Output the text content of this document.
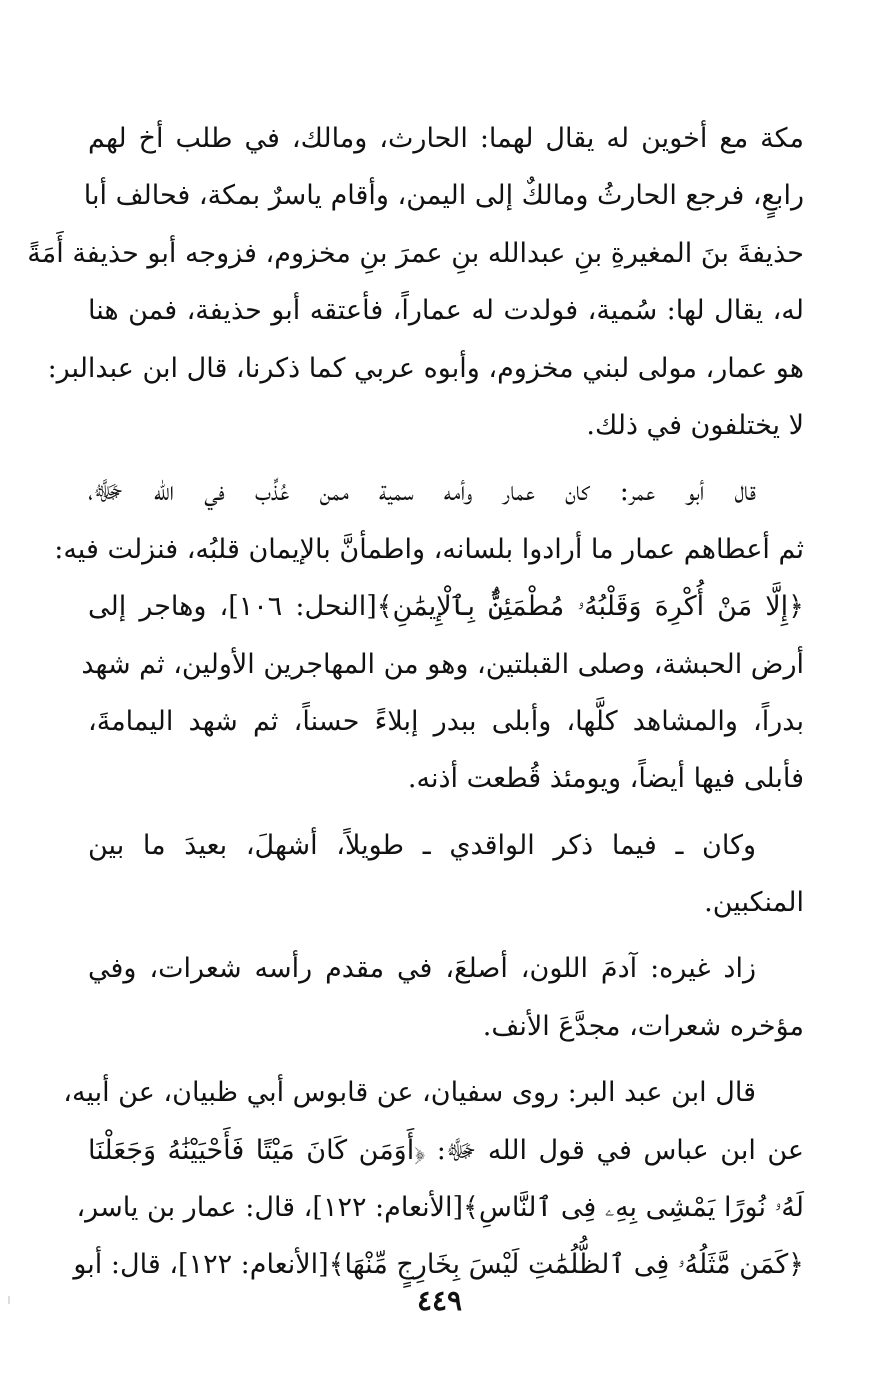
مكة مع أخوين له يقال لهما: الحارث، ومالك، في طلب أخ لهم
رابعٍ، فرجع الحارثُ ومالكٌ إلى اليمن، وأقام ياسرٌ بمكة، فحالف أبا
حذيفةَ بنَ المغيرةِ بنِ عبدالله بنِ عمرَ بنِ مخزوم، فزوجه أبو حذيفة أَمَةً
له، يقال لها: سُمية، فولدت له عماراً، فأعتقه أبو حذيفة، فمن هنا
هو عمار، مولى لبني مخزوم، وأبوه عربي كما ذكرنا، قال ابن عبدالبر:
لا يختلفون في ذلك.
قال أبو عمر: كان عمار وأمه سمية ممن عُذِّب في الله ﷻ،
ثم أعطاهم عمار ما أرادوا بلسانه، واطمأنَّ بالإيمان قلبُه، فنزلت فيه:
﴿إِلَّا مَنْ أُكْرِهَ وَقَلْبُهُۥ مُطْمَئِنٌّۢ بِٱلْإِيمَٰنِ﴾[النحل: ١٠٦]، وهاجر إلى
أرض الحبشة، وصلى القبلتين، وهو من المهاجرين الأولين، ثم شهد
بدراً، والمشاهد كلَّها، وأبلى ببدر إبلاءً حسناً، ثم شهد اليمامةَ،
فأبلى فيها أيضاً، ويومئذ قُطعت أذنه.
وكان ـ فيما ذكر الواقدي ـ طويلاً، أشهلَ، بعيدَ ما بين
المنكبين.
زاد غيره: آدمَ اللون، أصلعَ، في مقدم رأسه شعرات، وفي
مؤخره شعرات، مجدَّعَ الأنف.
قال ابن عبد البر: روى سفيان، عن قابوس أبي ظبيان، عن أبيه،
عن ابن عباس في قول الله ﷻ: ﴿أَوَمَن كَانَ مَيْتًا فَأَحْيَيْنَٰهُ وَجَعَلْنَا
لَهُۥ نُورًا يَمْشِى بِهِۦ فِى ٱلنَّاسِ﴾[الأنعام: ١٢٢]، قال: عمار بن ياسر،
﴿كَمَن مَّثَلُهُۥ فِى ٱلظُّلُمَٰتِ لَيْسَ بِخَارِجٍ مِّنْهَا﴾[الأنعام: ١٢٢]، قال: أبو
٤٤٩
